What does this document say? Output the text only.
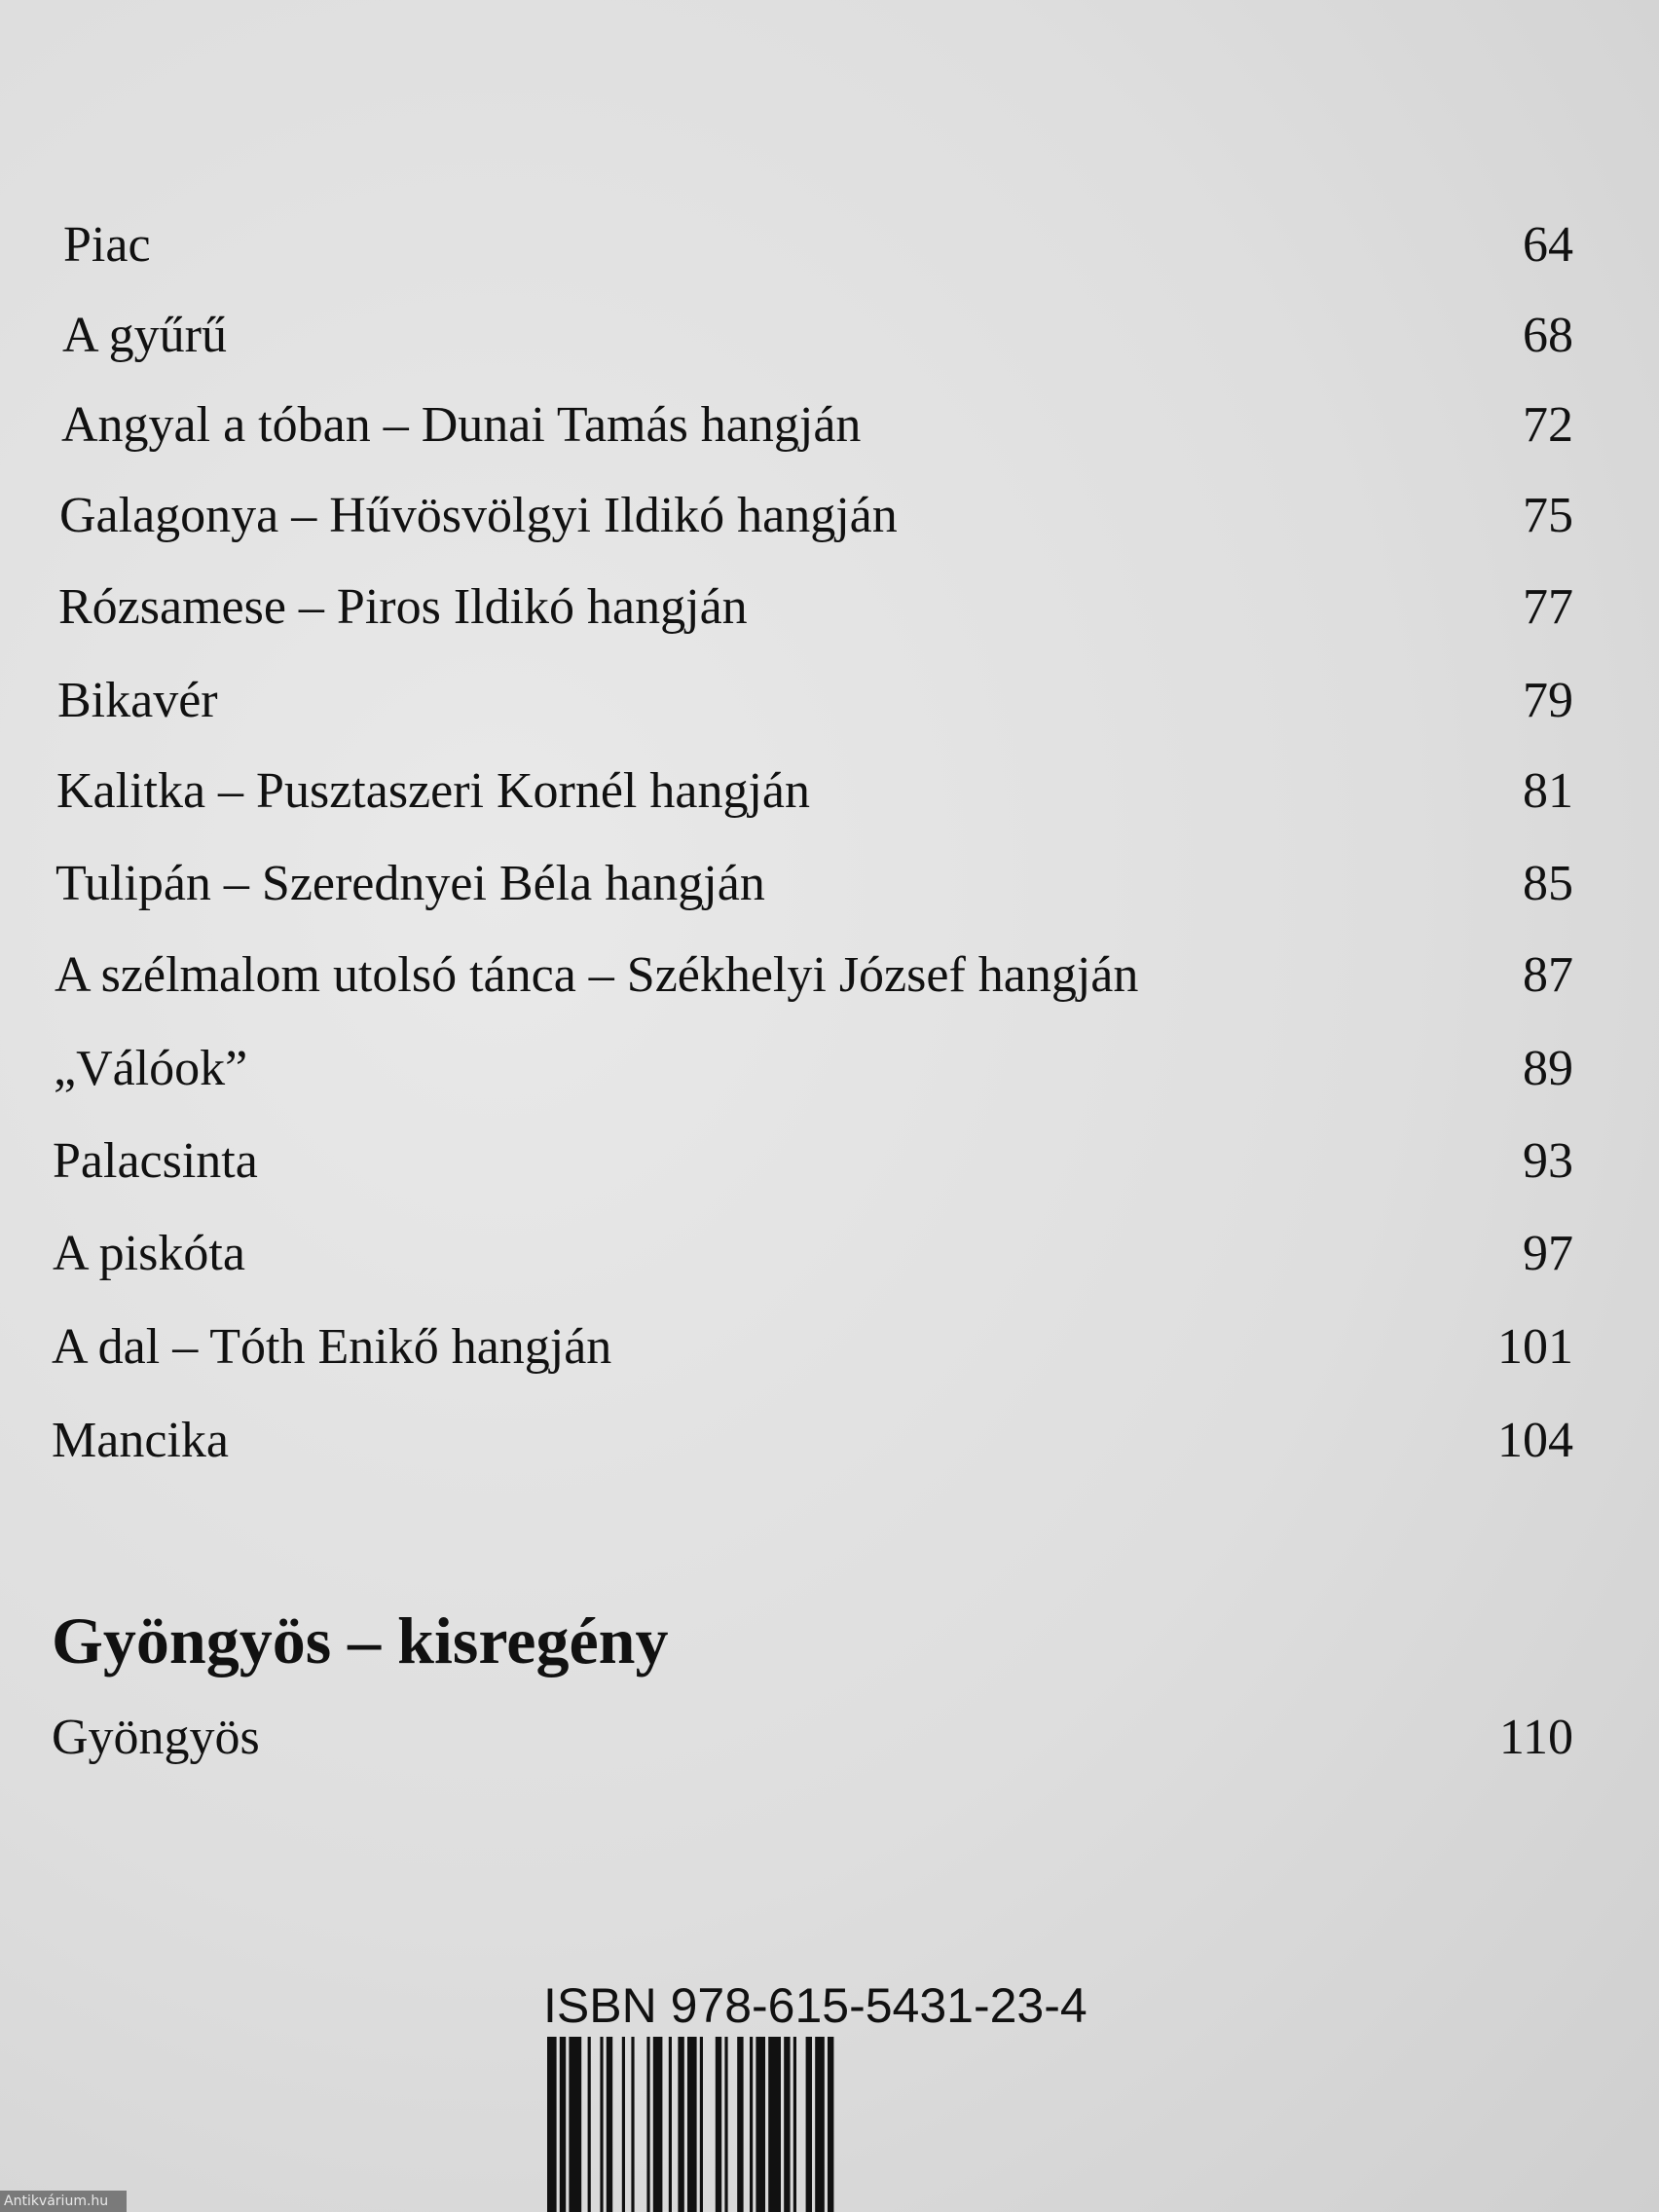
Piac	64
A gyűrű	68
Angyal a tóban – Dunai Tamás hangján	72
Galagonya – Hűvösvölgyi Ildikó hangján	75
Rózsamese – Piros Ildikó hangján	77
Bikavér	79
Kalitka – Pusztaszeri Kornél hangján	81
Tulipán – Szerednyei Béla hangján	85
A szélmalom utolsó tánca – Székhelyi József hangján	87
„Válóok”	89
Palacsinta	93
A piskóta	97
A dal – Tóth Enikő hangján	101
Mancika	104
Gyöngyös – kisregény
Gyöngyös	110
ISBN 978-615-5431-23-4
Antikvárium.hu
